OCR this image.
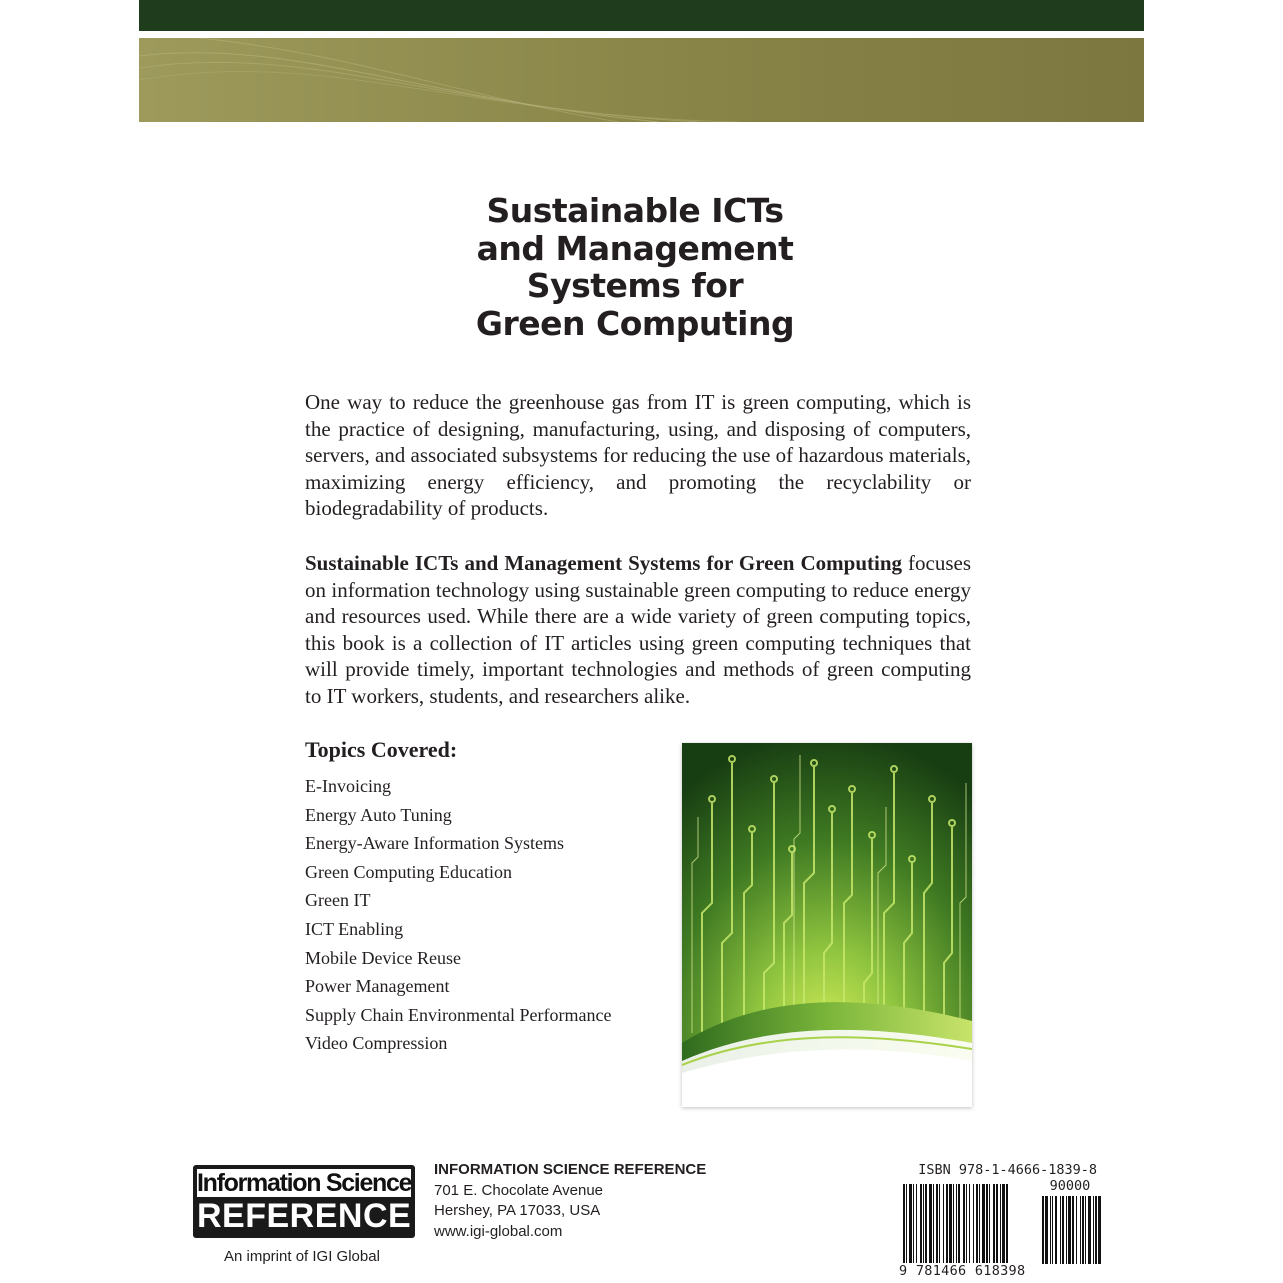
Sustainable ICTs
and Management
Systems for
Green Computing
One way to reduce the greenhouse gas from IT is green computing, which is the practice of designing, manufacturing, using, and disposing of computers, servers, and associated subsystems for reducing the use of hazardous materials, maximizing energy efficiency, and promoting the recyclability or biodegradability of products.
Sustainable ICTs and Management Systems for Green Computing focuses on information technology using sustainable green computing to reduce energy and resources used. While there are a wide variety of green computing topics, this book is a collection of IT articles using green computing techniques that will provide timely, important technologies and methods of green computing to IT workers, students, and researchers alike.
Topics Covered:
E-Invoicing
Energy Auto Tuning
Energy-Aware Information Systems
Green Computing Education
Green IT
ICT Enabling
Mobile Device Reuse
Power Management
Supply Chain Environmental Performance
Video Compression
Information Science
REFERENCE
An imprint of IGI Global
INFORMATION SCIENCE REFERENCE
701 E. Chocolate Avenue
Hershey, PA 17033, USA
www.igi-global.com
ISBN 978-1-4666-1839-8
90000
9 781466 618398
